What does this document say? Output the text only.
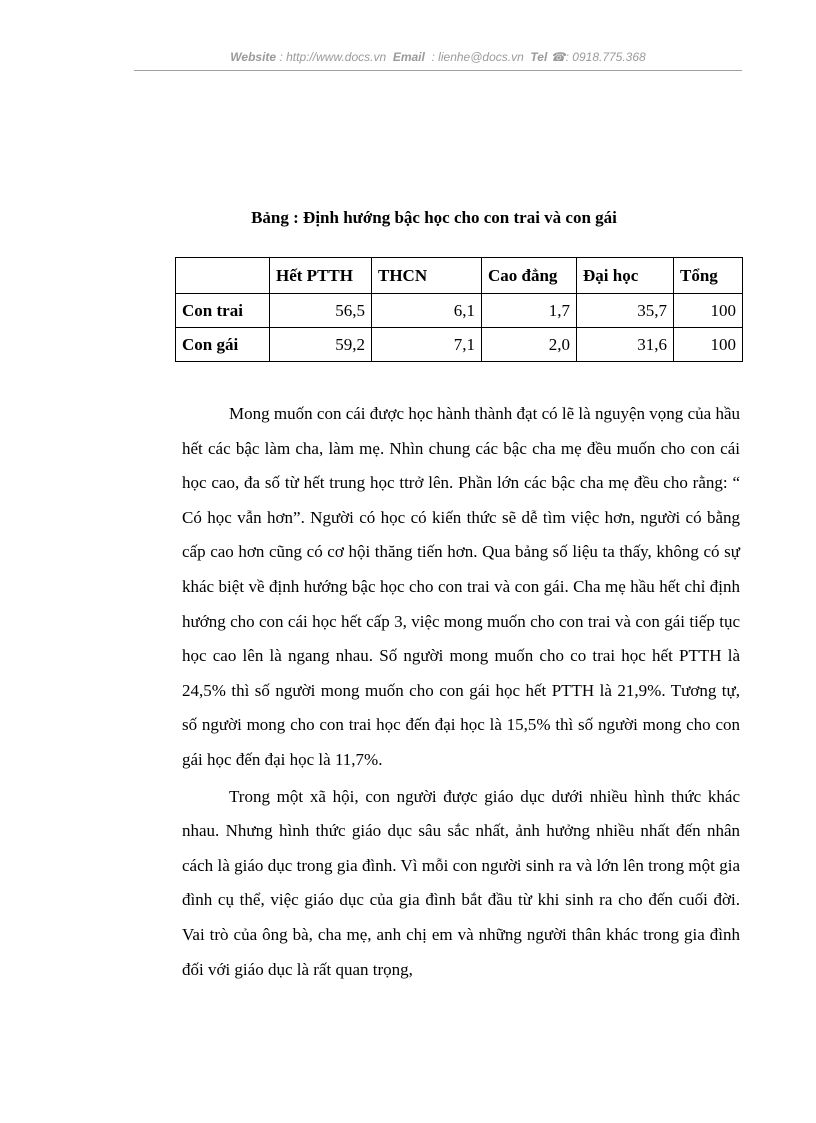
Website : http://www.docs.vn Email : lienhe@docs.vn Tel ☎: 0918.775.368
Bảng : Định hướng bậc học cho con trai và con gái
	Hết PTTH	THCN	Cao đẳng	Đại học	Tổng
Con trai	56,5	6,1	1,7	35,7	100
Con gái	59,2	7,1	2,0	31,6	100

Mong muốn con cái được học hành thành đạt có lẽ là nguyện vọng của hầu hết các bậc làm cha, làm mẹ. Nhìn chung các bậc cha mẹ đều muốn cho con cái học cao, đa số từ hết trung học ttrở lên. Phần lớn các bậc cha mẹ đều cho rằng: “ Có học vẫn hơn”. Người có học có kiến thức sẽ dễ tìm việc hơn, người có bằng cấp cao hơn cũng có cơ hội thăng tiến hơn. Qua bảng số liệu ta thấy, không có sự khác biệt về định hướng bậc học cho con trai và con gái. Cha mẹ hầu hết chỉ định hướng cho con cái học hết cấp 3, việc mong muốn cho con trai và con gái tiếp tục học cao lên là ngang nhau. Số người mong muốn cho co trai học hết PTTH là 24,5% thì số người mong muốn cho con gái học hết PTTH là 21,9%. Tương tự, số người mong cho con trai học đến đại học là 15,5% thì số người mong cho con gái học đến đại học là 11,7%.

Trong một xã hội, con người được giáo dục dưới nhiều hình thức khác nhau. Nhưng hình thức giáo dục sâu sắc nhất, ảnh hưởng nhiều nhất đến nhân cách là giáo dục trong gia đình. Vì mỗi con người sinh ra và lớn lên trong một gia đình cụ thể, việc giáo dục của gia đình bắt đầu từ khi sinh ra cho đến cuối đời. Vai trò của ông bà, cha mẹ, anh chị em và những người thân khác trong gia đình đối với giáo dục là rất quan trọng,
